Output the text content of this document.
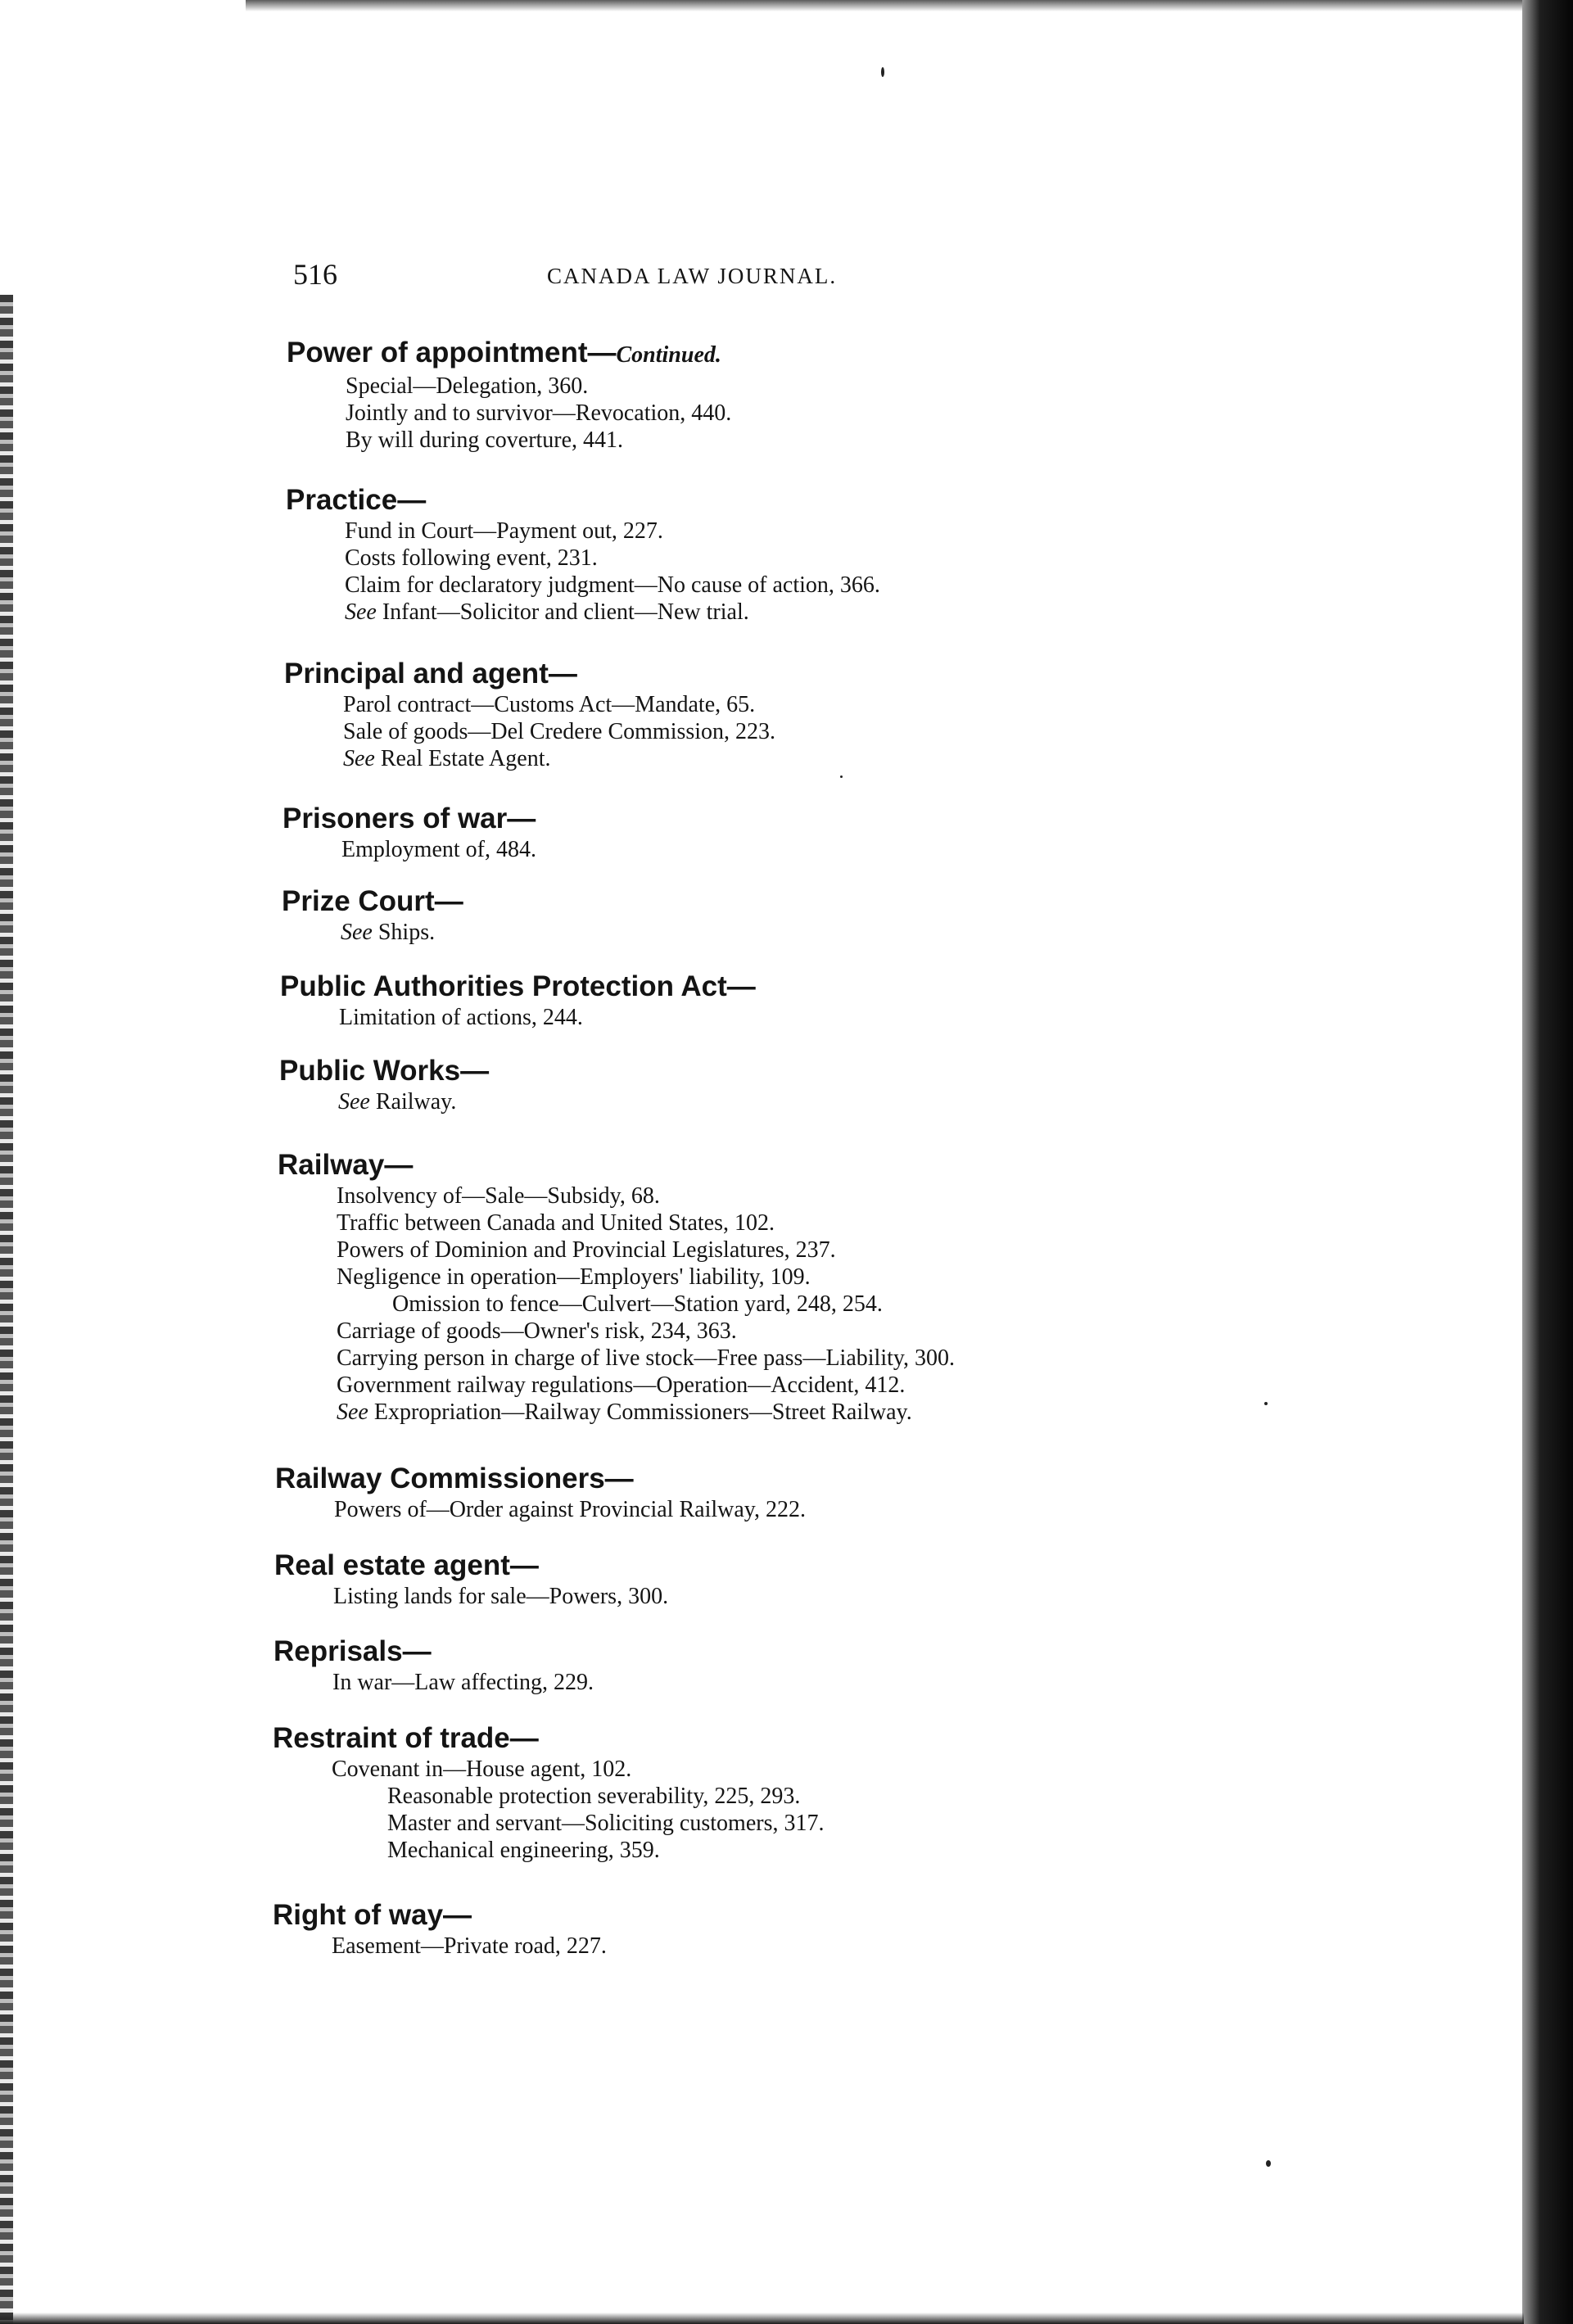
516	CANADA LAW JOURNAL.
Power of appointment—Continued.
Special—Delegation, 360.
Jointly and to survivor—Revocation, 440.
By will during coverture, 441.
Practice—
Fund in Court—Payment out, 227.
Costs following event, 231.
Claim for declaratory judgment—No cause of action, 366.
See Infant—Solicitor and client—New trial.
Principal and agent—
Parol contract—Customs Act—Mandate, 65.
Sale of goods—Del Credere Commission, 223.
See Real Estate Agent.
Prisoners of war—
Employment of, 484.
Prize Court—
See Ships.
Public Authorities Protection Act—
Limitation of actions, 244.
Public Works—
See Railway.
Railway—
Insolvency of—Sale—Subsidy, 68.
Traffic between Canada and United States, 102.
Powers of Dominion and Provincial Legislatures, 237.
Negligence in operation—Employers' liability, 109.
Omission to fence—Culvert—Station yard, 248, 254.
Carriage of goods—Owner's risk, 234, 363.
Carrying person in charge of live stock—Free pass—Liability, 300.
Government railway regulations—Operation—Accident, 412.
See Expropriation—Railway Commissioners—Street Railway.
Railway Commissioners—
Powers of—Order against Provincial Railway, 222.
Real estate agent—
Listing lands for sale—Powers, 300.
Reprisals—
In war—Law affecting, 229.
Restraint of trade—
Covenant in—House agent, 102.
Reasonable protection severability, 225, 293.
Master and servant—Soliciting customers, 317.
Mechanical engineering, 359.
Right of way—
Easement—Private road, 227.
